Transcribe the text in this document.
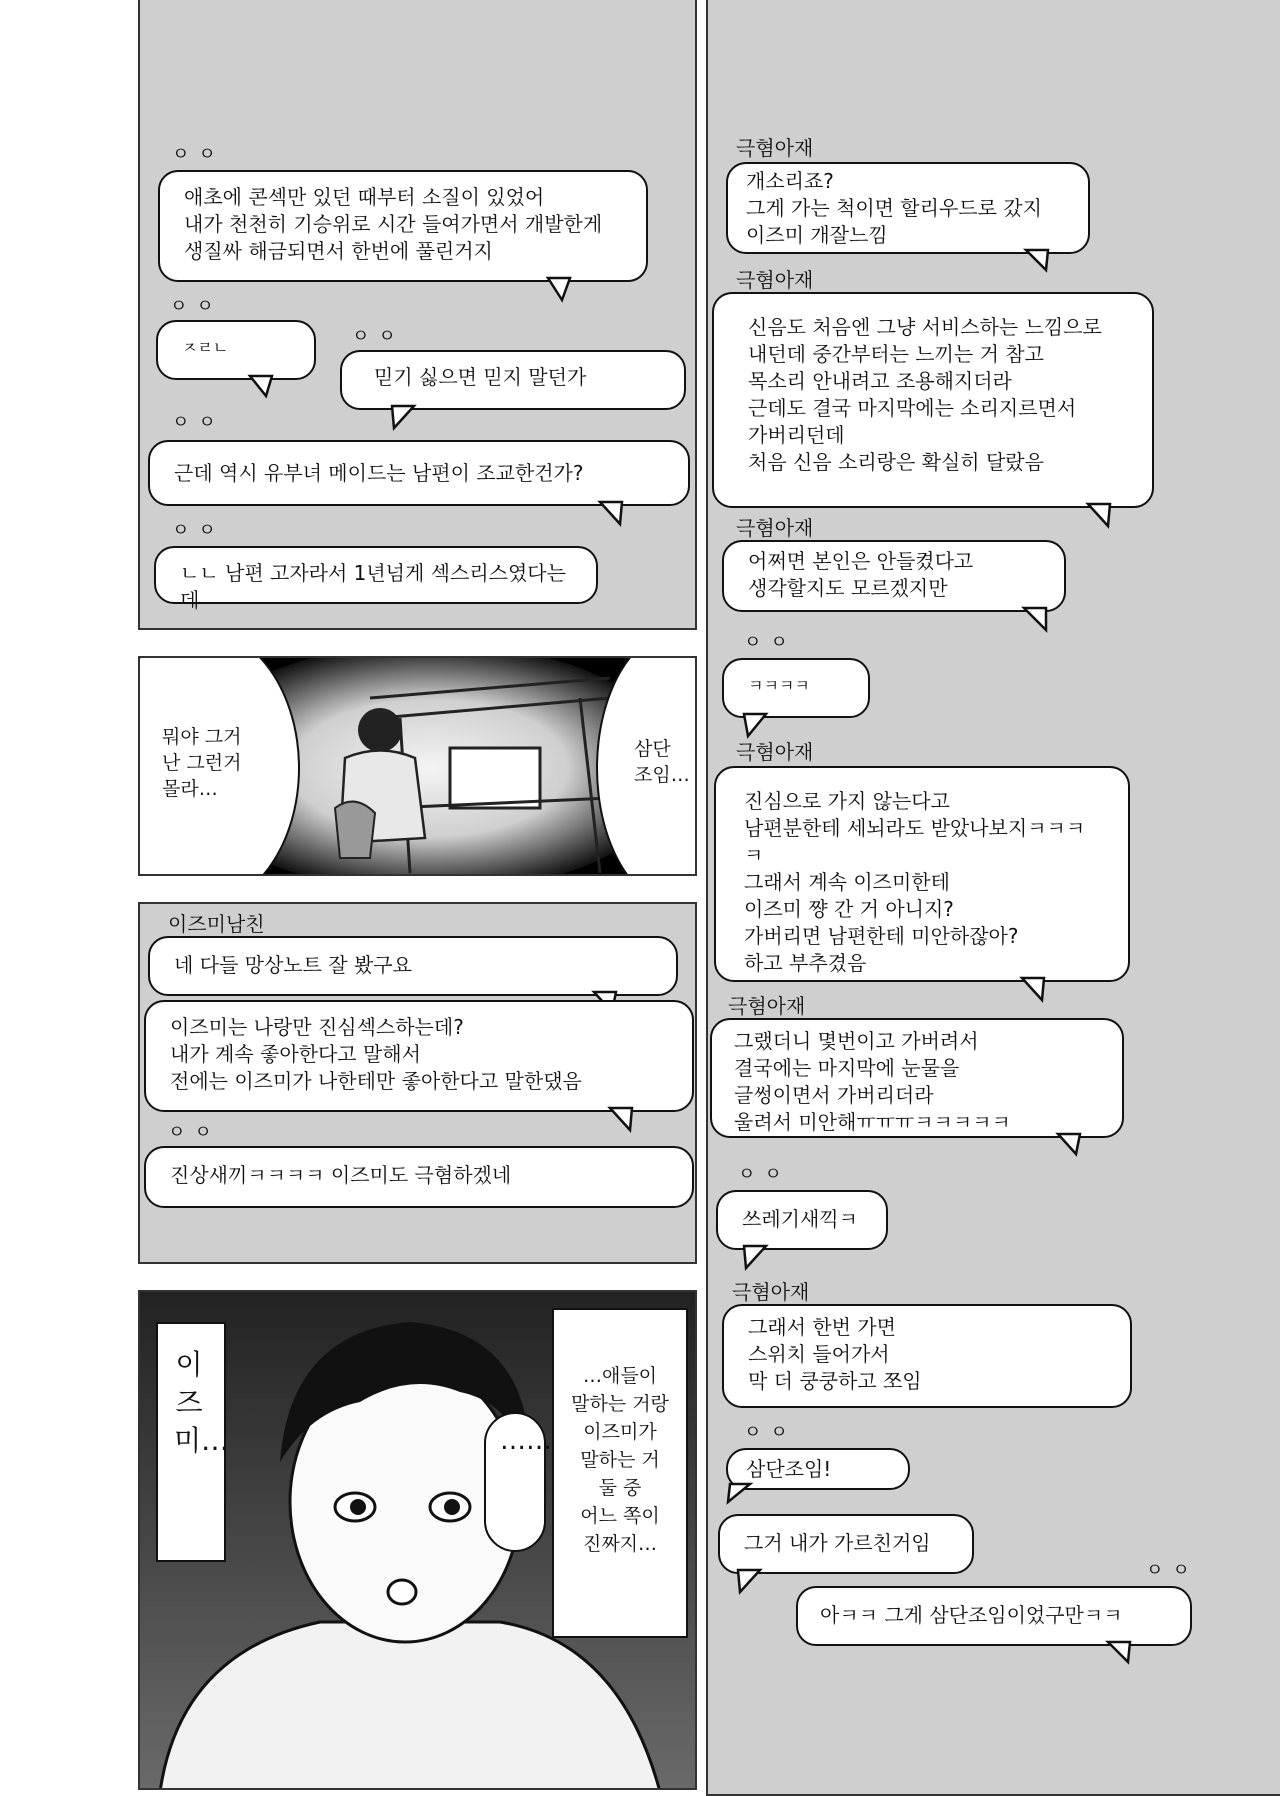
ㅇㅇ
애초에 콘섹만 있던 때부터 소질이 있었어
내가 천천히 기승위로 시간 들여가면서 개발한게
생질싸 해금되면서 한번에 풀린거지
ㅇㅇ
ㅈㄹㄴ
ㅇㅇ
믿기 싫으면 믿지 말던가
ㅇㅇ
근데 역시 유부녀 메이드는 남편이 조교한건가?
ㅇㅇ
ㄴㄴ 남편 고자라서 1년넘게 섹스리스였다는데
뭐야 그거
난 그런거
몰라…
삼단
조임…
이즈미남친
네 다들 망상노트 잘 봤구요
이즈미는 나랑만 진심섹스하는데?
내가 계속 좋아한다고 말해서
전에는 이즈미가 나한테만 좋아한다고 말한댔음
ㅇㅇ
진상새끼ㅋㅋㅋㅋ 이즈미도 극혐하겠네
이즈미…	……
…애들이
말하는 거랑
이즈미가
말하는 거
둘 중
어느 쪽이
진짜지…
극혐아재
개소리죠?
그게 가는 척이면 할리우드로 갔지
이즈미 개잘느낌
극혐아재
신음도 처음엔 그냥 서비스하는 느낌으로
내던데 중간부터는 느끼는 거 참고
목소리 안내려고 조용해지더라
근데도 결국 마지막에는 소리지르면서
가버리던데
처음 신음 소리랑은 확실히 달랐음
극혐아재
어쩌면 본인은 안들켰다고
생각할지도 모르겠지만
ㅇㅇ
ㅋㅋㅋㅋ
극혐아재
진심으로 가지 않는다고
남편분한테 세뇌라도 받았나보지ㅋㅋㅋㅋ
그래서 계속 이즈미한테
이즈미 쨩 간 거 아니지?
가버리면 남편한테 미안하잖아?
하고 부추겼음
극혐아재
그랬더니 몇번이고 가버려서
결국에는 마지막에 눈물을
글썽이면서 가버리더라
울려서 미안해ㅠㅠㅠㅋㅋㅋㅋㅋ
ㅇㅇ
쓰레기새끽ㅋ
극혐아재
그래서 한번 가면
스위치 들어가서
막 더 쿵쿵하고 쪼임
ㅇㅇ
삼단조임!
그거 내가 가르친거임
ㅇㅇ
아ㅋㅋ 그게 삼단조임이었구만ㅋㅋ
